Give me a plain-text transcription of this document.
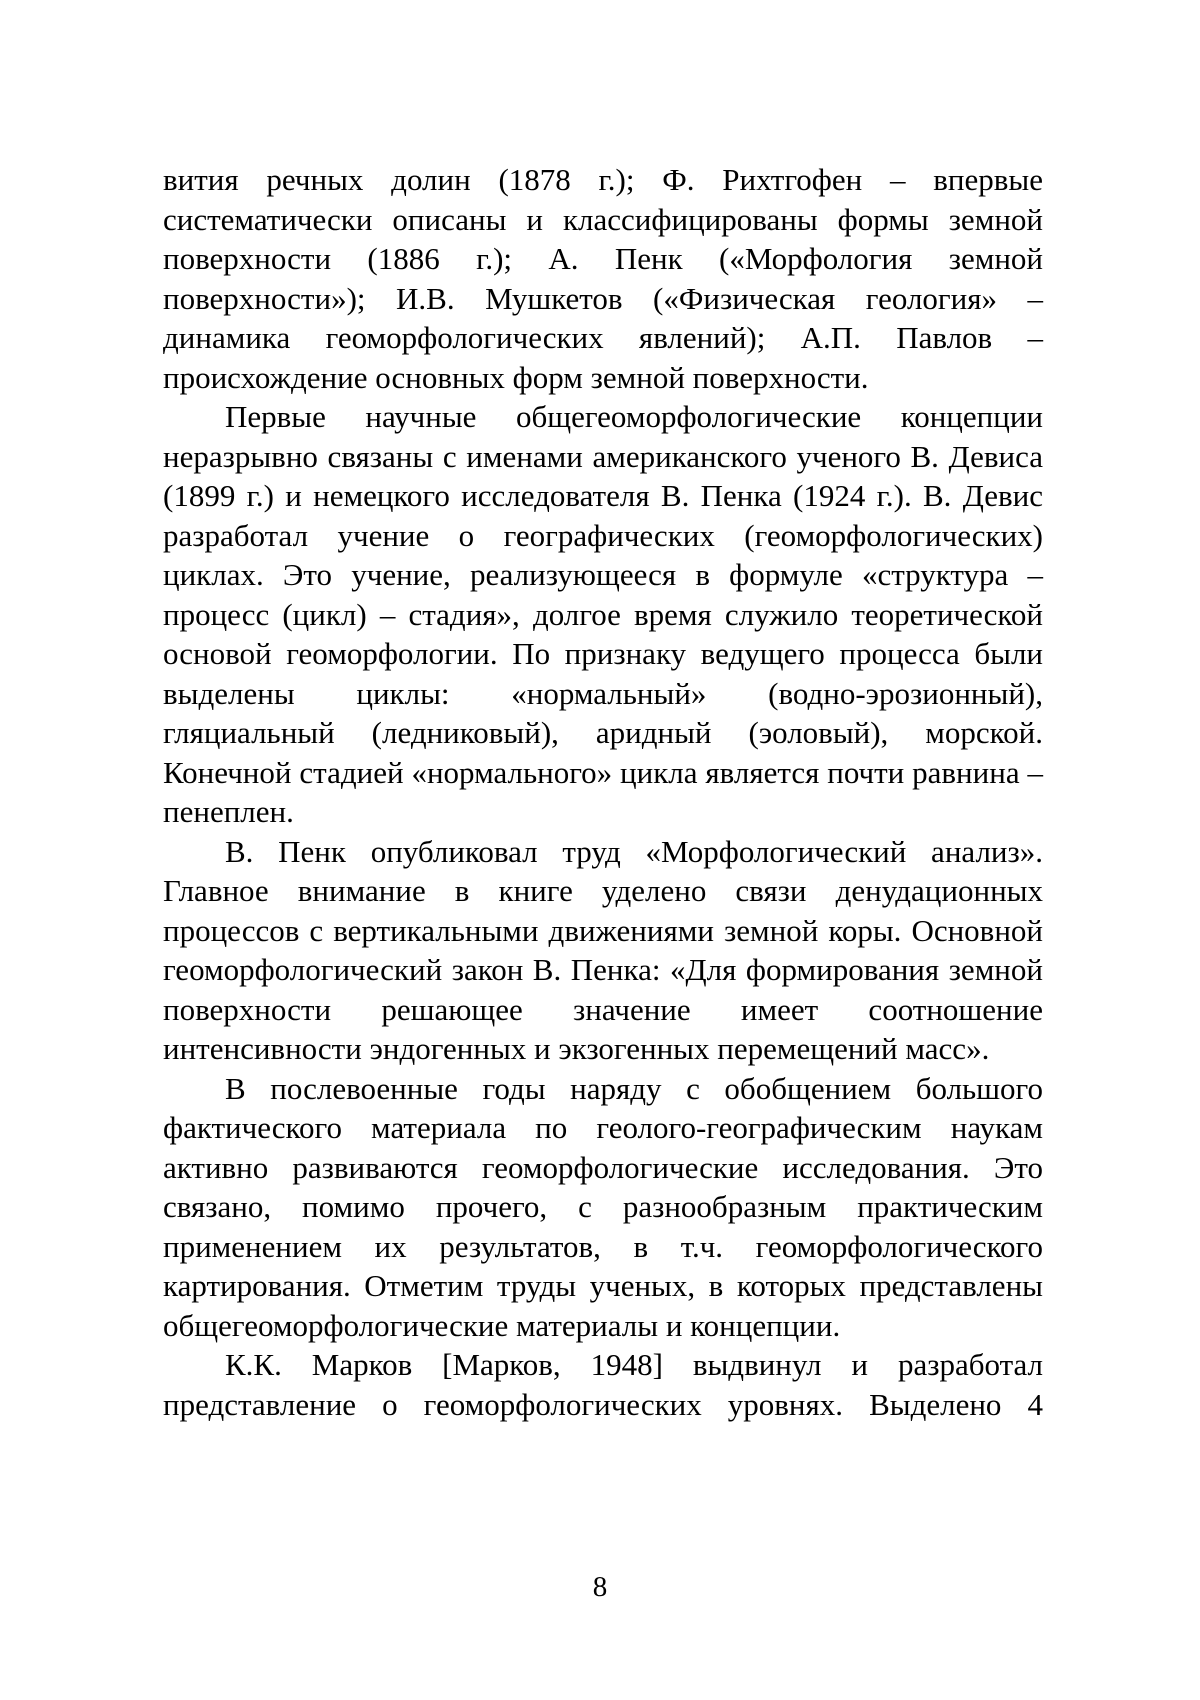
вития речных долин (1878 г.); Ф. Рихтгофен – впервые систематически описаны и классифицированы формы земной поверхности (1886 г.); А. Пенк («Морфология земной поверхности»); И.В. Мушкетов («Физическая геология» – динамика геоморфологических явлений); А.П. Павлов – происхождение основных форм земной поверхности.

Первые научные общегеоморфологические концепции неразрывно связаны с именами американского ученого В. Девиса (1899 г.) и немецкого исследователя В. Пенка (1924 г.). В. Девис разработал учение о географических (геоморфологических) циклах. Это учение, реализующееся в формуле «структура – процесс (цикл) – стадия», долгое время служило теоретической основой геоморфологии. По признаку ведущего процесса были выделены циклы: «нормальный» (водно-эрозионный), гляциальный (ледниковый), аридный (эоловый), морской. Конечной стадией «нормального» цикла является почти равнина – пенеплен.

В. Пенк опубликовал труд «Морфологический анализ». Главное внимание в книге уделено связи денудационных процессов с вертикальными движениями земной коры. Основной геоморфологический закон В. Пенка: «Для формирования земной поверхности решающее значение имеет соотношение интенсивности эндогенных и экзогенных перемещений масс».

В послевоенные годы наряду с обобщением большого фактического материала по геолого-географическим наукам активно развиваются геоморфологические исследования. Это связано, помимо прочего, с разнообразным практическим применением их результатов, в т.ч. геоморфологического картирования. Отметим труды ученых, в которых представлены общегеоморфологические материалы и концепции.

К.К. Марков [Марков, 1948] выдвинул и разработал представление о геоморфологических уровнях. Выделено 4

8
